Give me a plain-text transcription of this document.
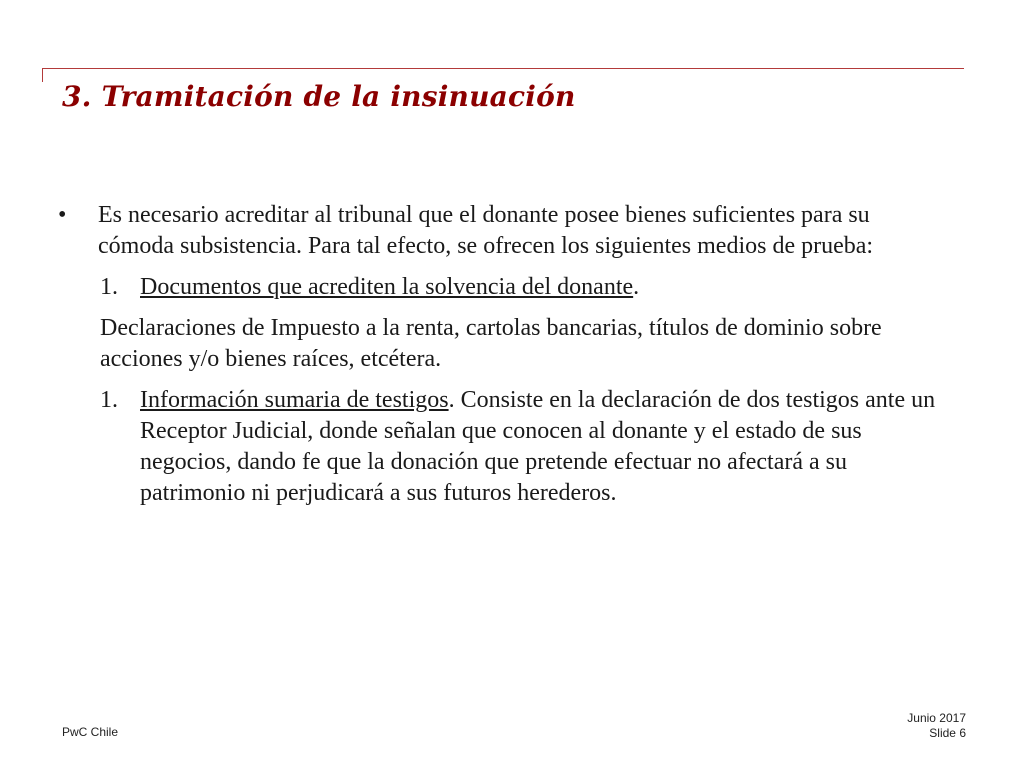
3. Tramitación de la insinuación
•	Es necesario acreditar al tribunal que el donante posee bienes suficientes para su cómoda subsistencia. Para tal efecto, se ofrecen los siguientes medios de prueba:
1. Documentos que acrediten la solvencia del donante.
Declaraciones de Impuesto a la renta, cartolas bancarias, títulos de dominio sobre acciones y/o bienes raíces, etcétera.
1. Información sumaria de testigos. Consiste en la declaración de dos testigos ante un Receptor Judicial, donde señalan que conocen al donante y el estado de sus negocios, dando fe que la donación que pretende efectuar no afectará a su patrimonio ni perjudicará a sus futuros herederos.
PwC Chile
Junio 2017
Slide 6
